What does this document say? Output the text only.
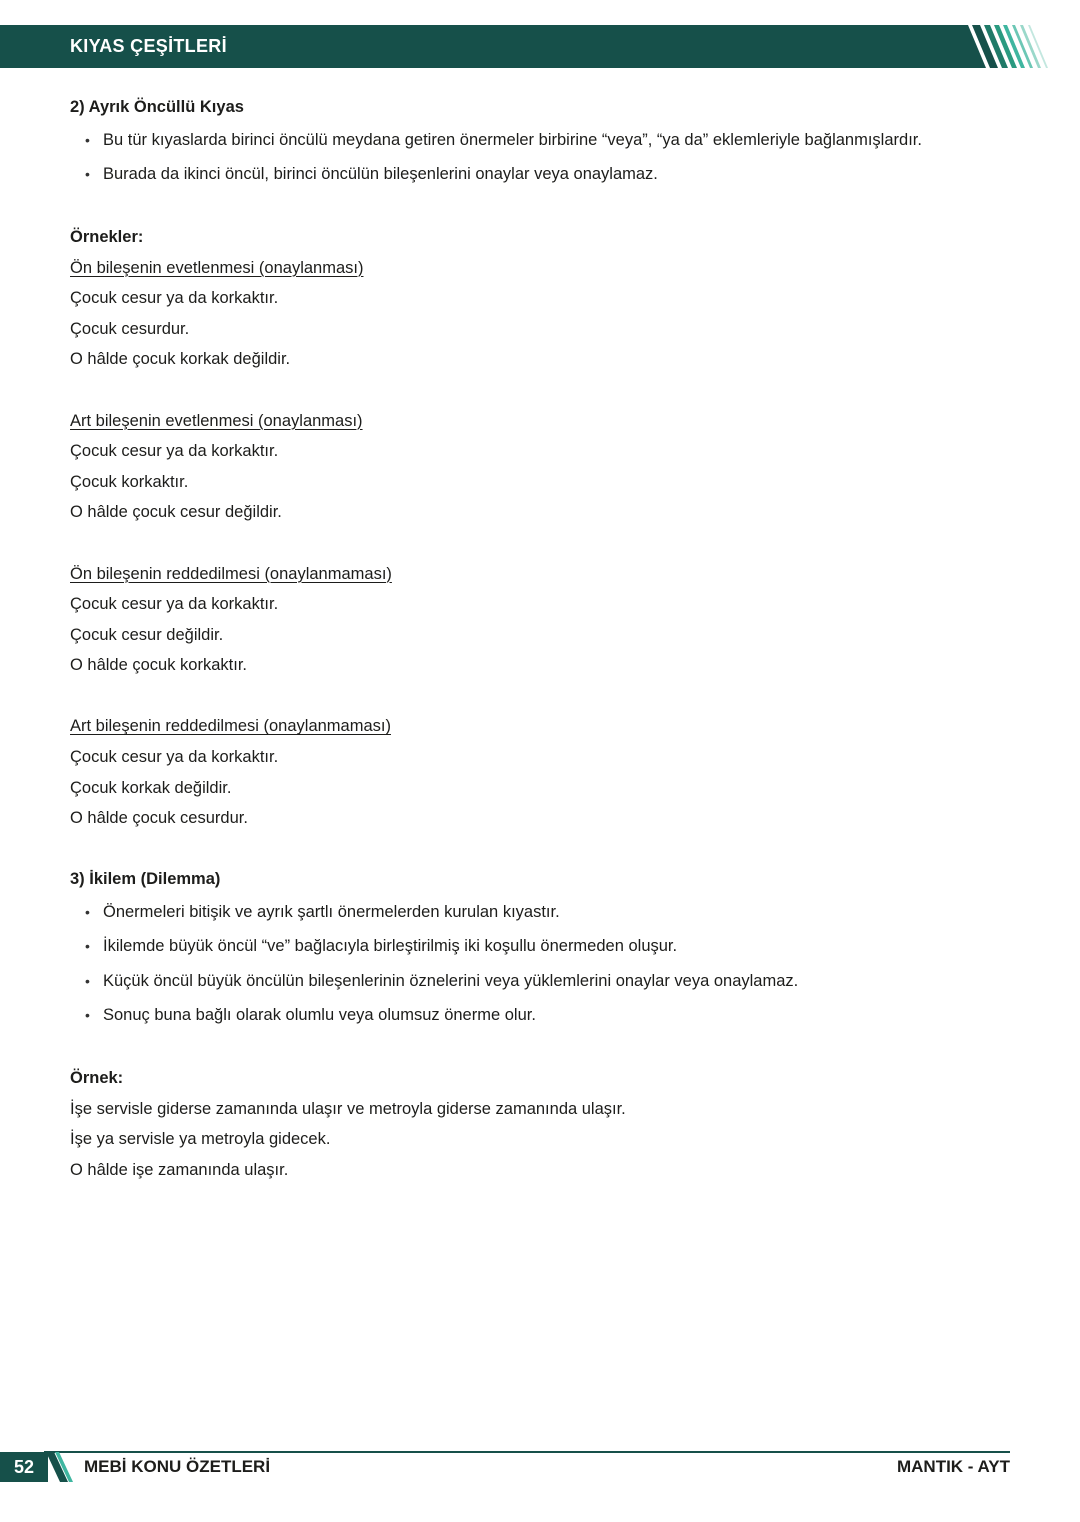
KIYAS ÇEŞİTLERİ
2) Ayrık Öncüllü Kıyas
• Bu tür kıyaslarda birinci öncülü meydana getiren önermeler birbirine “veya”, “ya da” eklemleriyle bağlanmışlardır.
• Burada da ikinci öncül, birinci öncülün bileşenlerini onaylar veya onaylamaz.
Örnekler:
Ön bileşenin evetlenmesi (onaylanması)
Çocuk cesur ya da korkaktır.
Çocuk cesurdur.
O hâlde çocuk korkak değildir.
Art bileşenin evetlenmesi (onaylanması)
Çocuk cesur ya da korkaktır.
Çocuk korkaktır.
O hâlde çocuk cesur değildir.
Ön bileşenin reddedilmesi (onaylanmaması)
Çocuk cesur ya da korkaktır.
Çocuk cesur değildir.
O hâlde çocuk korkaktır.
Art bileşenin reddedilmesi (onaylanmaması)
Çocuk cesur ya da korkaktır.
Çocuk korkak değildir.
O hâlde çocuk cesurdur.
3) İkilem (Dilemma)
• Önermeleri bitişik ve ayrık şartlı önermelerden kurulan kıyastır.
• İkilemde büyük öncül “ve” bağlacıyla birleştirilmiş iki koşullu önermeden oluşur.
• Küçük öncül büyük öncülün bileşenlerinin öznelerini veya yüklemlerini onaylar veya onaylamaz.
• Sonuç buna bağlı olarak olumlu veya olumsuz önerme olur.
Örnek:
İşe servisle giderse zamanında ulaşır ve metroyla giderse zamanında ulaşır.
İşe ya servisle ya metroyla gidecek.
O hâlde işe zamanında ulaşır.
52	MEBİ KONU ÖZETLERİ	MANTIK - AYT
